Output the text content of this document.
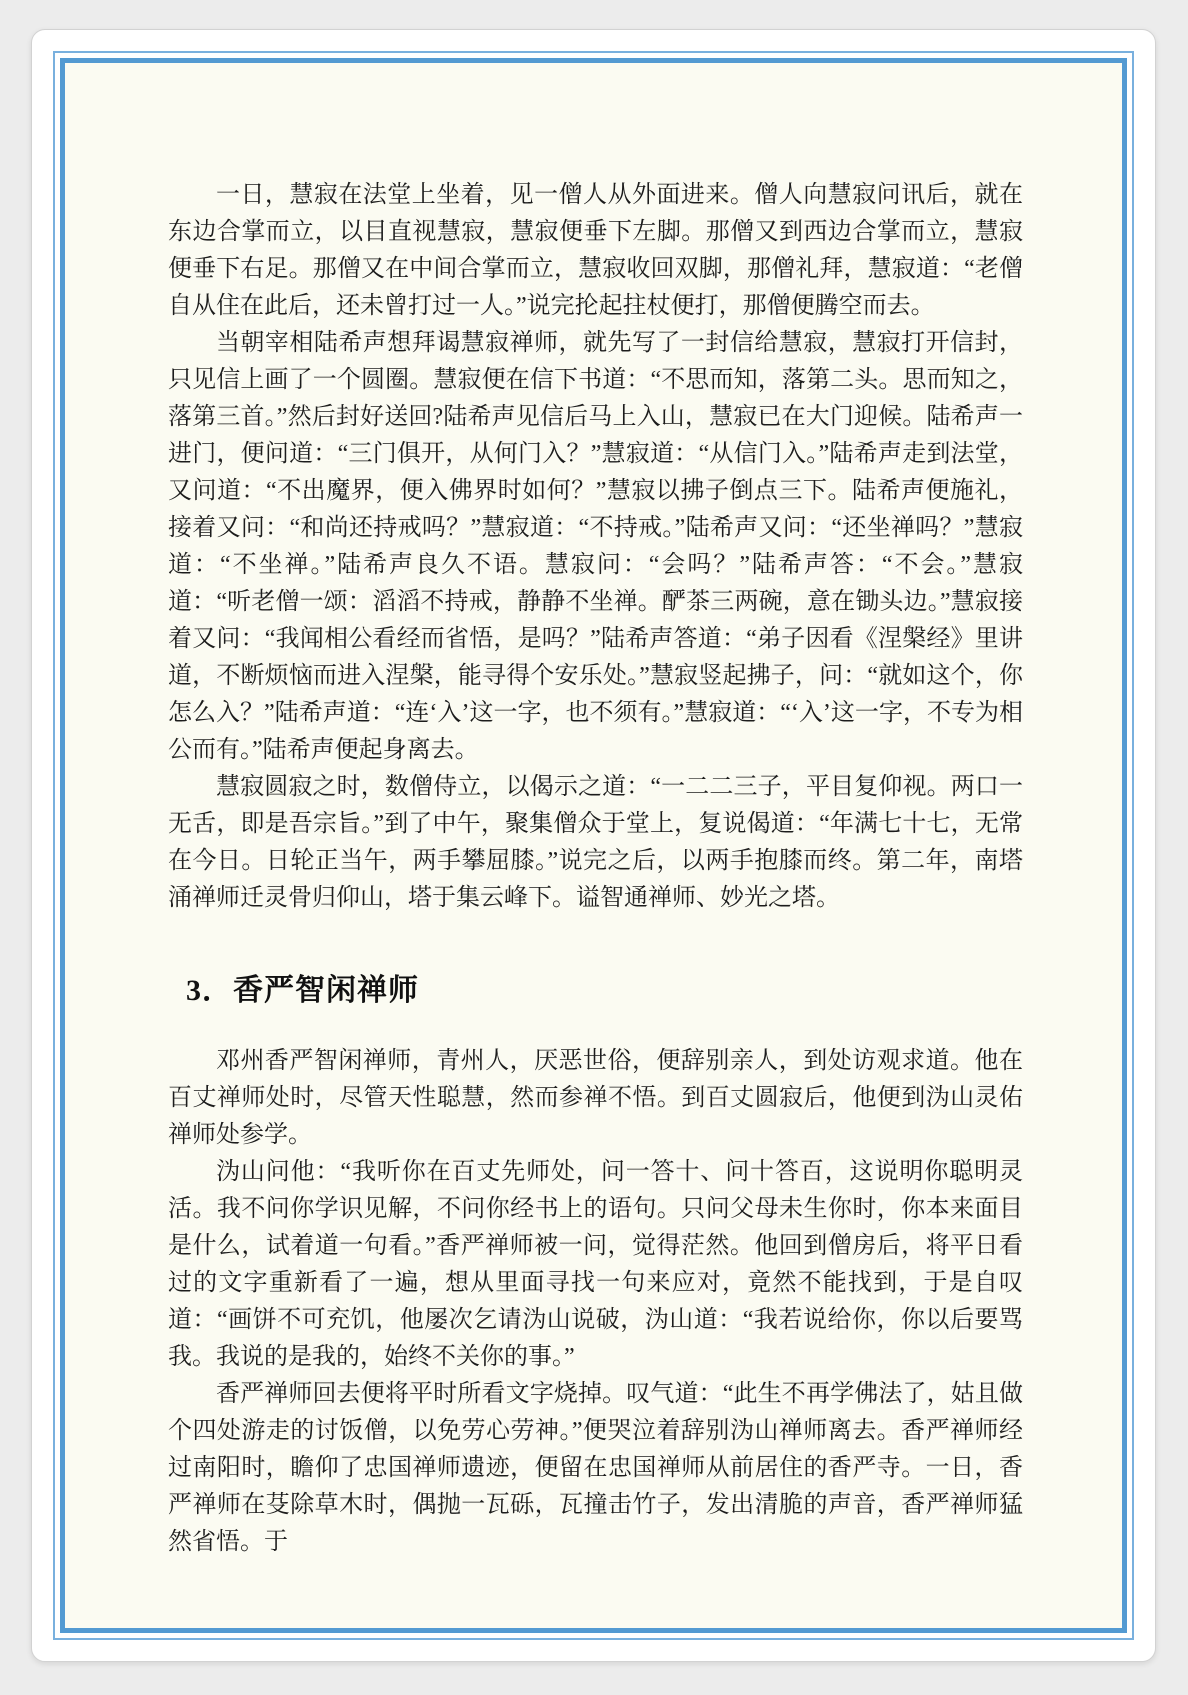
一日，慧寂在法堂上坐着，见一僧人从外面进来。僧人向慧寂问讯后，就在东边合掌而立，以目直视慧寂，慧寂便垂下左脚。那僧又到西边合掌而立，慧寂便垂下右足。那僧又在中间合掌而立，慧寂收回双脚，那僧礼拜，慧寂道：“老僧自从住在此后，还未曾打过一人。”说完抡起拄杖便打，那僧便腾空而去。

当朝宰相陆希声想拜谒慧寂禅师，就先写了一封信给慧寂，慧寂打开信封，只见信上画了一个圆圈。慧寂便在信下书道：“不思而知，落第二头。思而知之，落第三首。”然后封好送回?陆希声见信后马上入山，慧寂已在大门迎候。陆希声一进门，便问道：“三门俱开，从何门入？”慧寂道：“从信门入。”陆希声走到法堂，又问道：“不出魔界，便入佛界时如何？”慧寂以拂子倒点三下。陆希声便施礼，接着又问：“和尚还持戒吗？”慧寂道：“不持戒。”陆希声又问：“还坐禅吗？”慧寂道：“不坐禅。”陆希声良久不语。慧寂问：“会吗？”陆希声答：“不会。”慧寂道：“听老僧一颂：滔滔不持戒，静静不坐禅。酽茶三两碗，意在锄头边。”慧寂接着又问：“我闻相公看经而省悟，是吗？”陆希声答道：“弟子因看《涅槃经》里讲道，不断烦恼而进入涅槃，能寻得个安乐处。”慧寂竖起拂子，问：“就如这个，你怎么入？”陆希声道：“连‘入’这一字，也不须有。”慧寂道：“‘入’这一字，不专为相公而有。”陆希声便起身离去。

慧寂圆寂之时，数僧侍立，以偈示之道：“一二二三子，平目复仰视。两口一无舌，即是吾宗旨。”到了中午，聚集僧众于堂上，复说偈道：“年满七十七，无常在今日。日轮正当午，两手攀屈膝。”说完之后，以两手抱膝而终。第二年，南塔涌禅师迁灵骨归仰山，塔于集云峰下。谥智通禅师、妙光之塔。

3．香严智闲禅师

邓州香严智闲禅师，青州人，厌恶世俗，便辞别亲人，到处访观求道。他在百丈禅师处时，尽管天性聪慧，然而参禅不悟。到百丈圆寂后，他便到沩山灵佑禅师处参学。

沩山问他：“我听你在百丈先师处，问一答十、问十答百，这说明你聪明灵活。我不问你学识见解，不问你经书上的语句。只问父母未生你时，你本来面目是什么，试着道一句看。”香严禅师被一问，觉得茫然。他回到僧房后，将平日看过的文字重新看了一遍，想从里面寻找一句来应对，竟然不能找到，于是自叹道：“画饼不可充饥，他屡次乞请沩山说破，沩山道：“我若说给你，你以后要骂我。我说的是我的，始终不关你的事。”

香严禅师回去便将平时所看文字烧掉。叹气道：“此生不再学佛法了，姑且做个四处游走的讨饭僧，以免劳心劳神。”便哭泣着辞别沩山禅师离去。香严禅师经过南阳时，瞻仰了忠国禅师遗迹，便留在忠国禅师从前居住的香严寺。一日，香严禅师在芟除草木时，偶抛一瓦砾，瓦撞击竹子，发出清脆的声音，香严禅师猛然省悟。于
